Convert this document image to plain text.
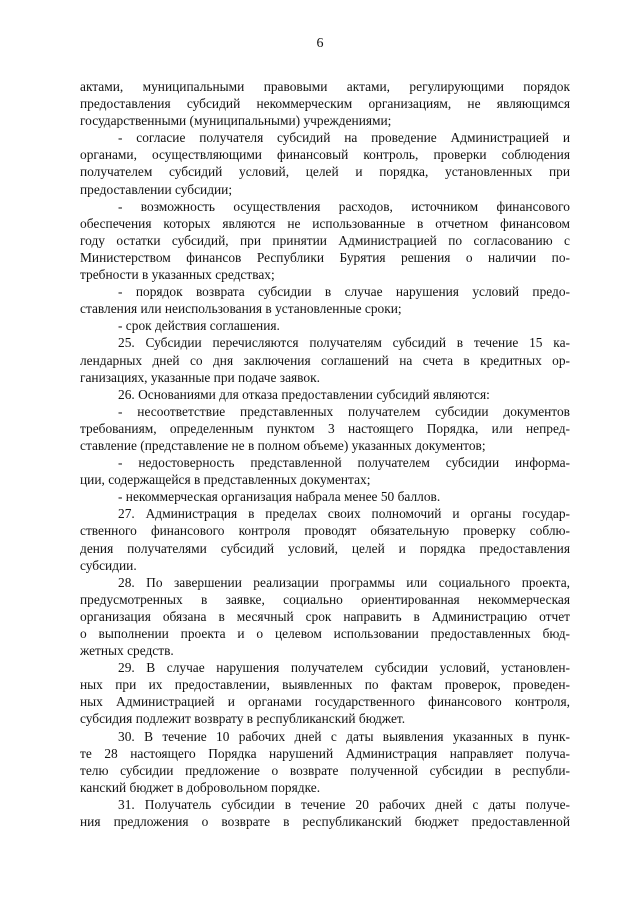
6
актами, муниципальными правовыми актами, регулирующими порядок
предоставления субсидий некоммерческим организациям, не являющимся
государственными (муниципальными) учреждениями;
- согласие получателя субсидий на проведение Администрацией и
органами, осуществляющими финансовый контроль, проверки соблюдения
получателем субсидий условий, целей и порядка, установленных при
предоставлении субсидии;
- возможность осуществления расходов, источником финансового
обеспечения которых являются не использованные в отчетном финансовом
году остатки субсидий, при принятии Администрацией по согласованию с
Министерством финансов Республики Бурятия решения о наличии по-
требности в указанных средствах;
- порядок возврата субсидии в случае нарушения условий предо-
ставления или неиспользования в установленные сроки;
- срок действия соглашения.
25. Субсидии перечисляются получателям субсидий в течение 15 ка-
лендарных дней со дня заключения соглашений на счета в кредитных ор-
ганизациях, указанные при подаче заявок.
26. Основаниями для отказа предоставлении субсидий являются:
- несоответствие представленных получателем субсидии документов
требованиям, определенным пунктом 3 настоящего Порядка, или непред-
ставление (представление не в полном объеме) указанных документов;
- недостоверность представленной получателем субсидии информа-
ции, содержащейся в представленных документах;
- некоммерческая организация набрала менее 50 баллов.
27. Администрация в пределах своих полномочий и органы государ-
ственного финансового контроля проводят обязательную проверку соблю-
дения получателями субсидий условий, целей и порядка предоставления
субсидии.
28. По завершении реализации программы или социального проекта,
предусмотренных в заявке, социально ориентированная некоммерческая
организация обязана в месячный срок направить в Администрацию отчет
о выполнении проекта и о целевом использовании предоставленных бюд-
жетных средств.
29. В случае нарушения получателем субсидии условий, установлен-
ных при их предоставлении, выявленных по фактам проверок, проведен-
ных Администрацией и органами государственного финансового контроля,
субсидия подлежит возврату в республиканский бюджет.
30. В течение 10 рабочих дней с даты выявления указанных в пунк-
те 28 настоящего Порядка нарушений Администрация направляет получа-
телю субсидии предложение о возврате полученной субсидии в республи-
канский бюджет в добровольном порядке.
31. Получатель субсидии в течение 20 рабочих дней с даты получе-
ния предложения о возврате в республиканский бюджет предоставленной
